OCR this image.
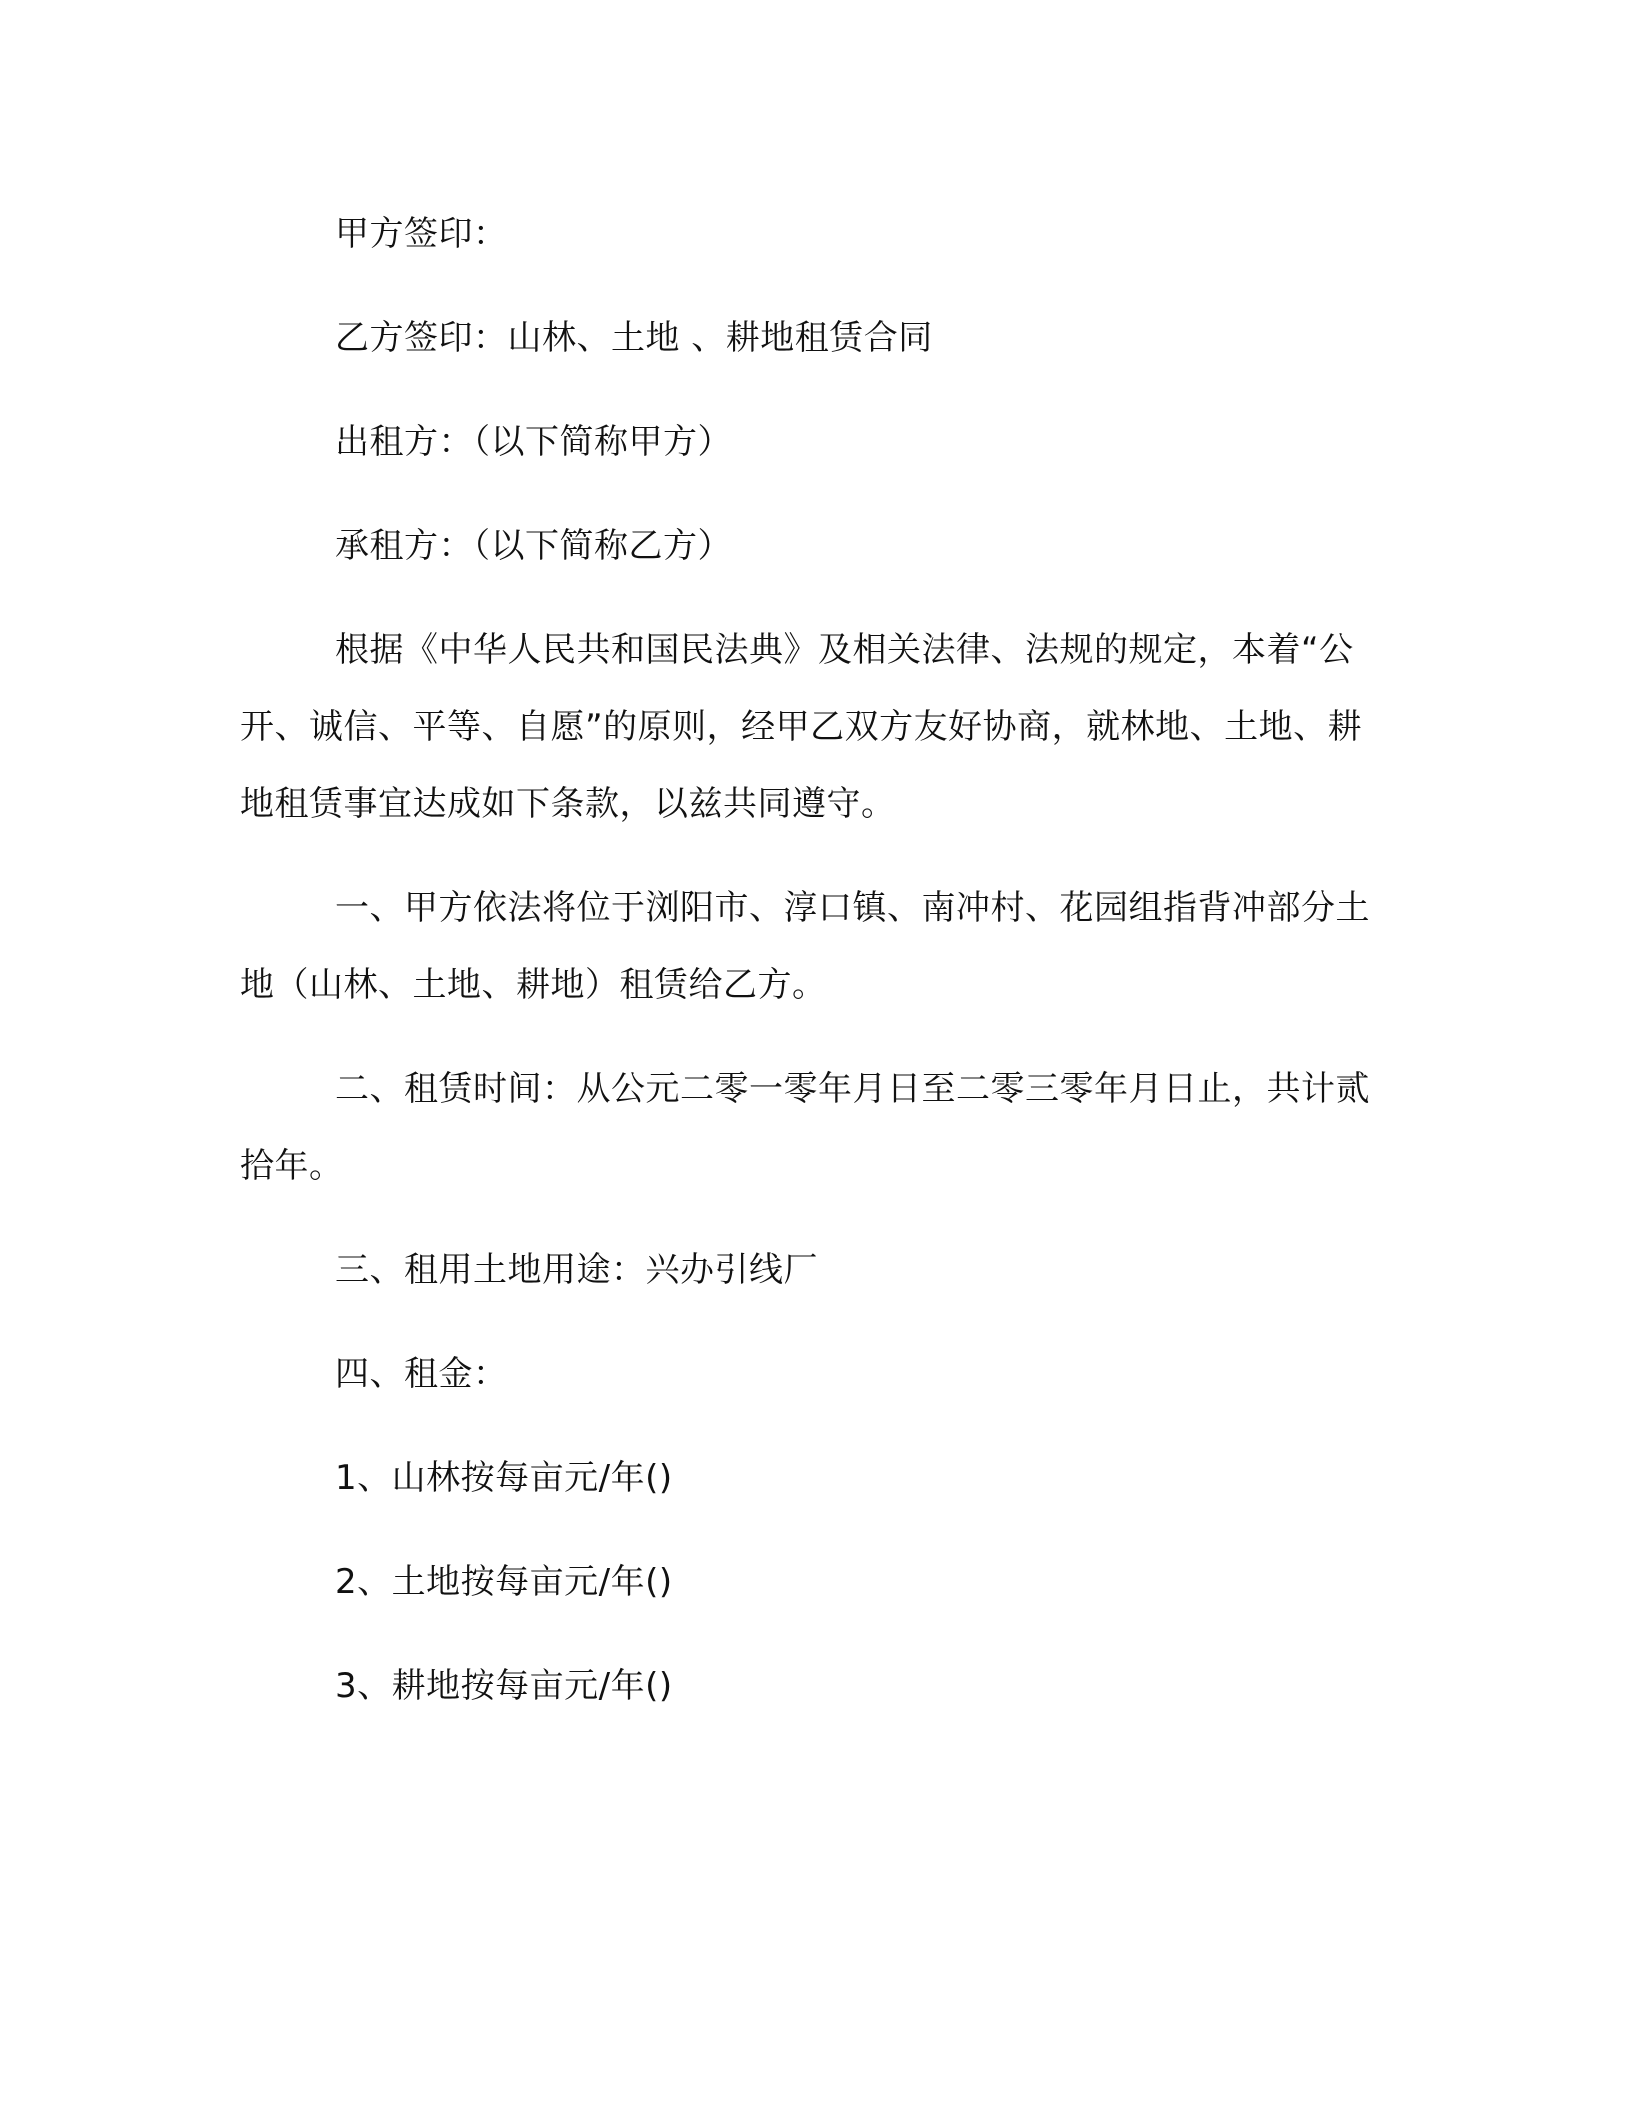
甲方签印：

乙方签印：山林、土地 、耕地租赁合同

出租方：（以下简称甲方）

承租方：（以下简称乙方）

根据《中华人民共和国民法典》及相关法律、法规的规定，本着“公开、诚信、平等、自愿”的原则，经甲乙双方友好协商，就林地、土地、耕地租赁事宜达成如下条款，以兹共同遵守。

一、甲方依法将位于浏阳市、淳口镇、南冲村、花园组指背冲部分土地（山林、土地、耕地）租赁给乙方。

二、租赁时间：从公元二零一零年月日至二零三零年月日止，共计贰拾年。

三、租用土地用途：兴办引线厂

四、租金：

1、山林按每亩元/年()

2、土地按每亩元/年()

3、耕地按每亩元/年()
